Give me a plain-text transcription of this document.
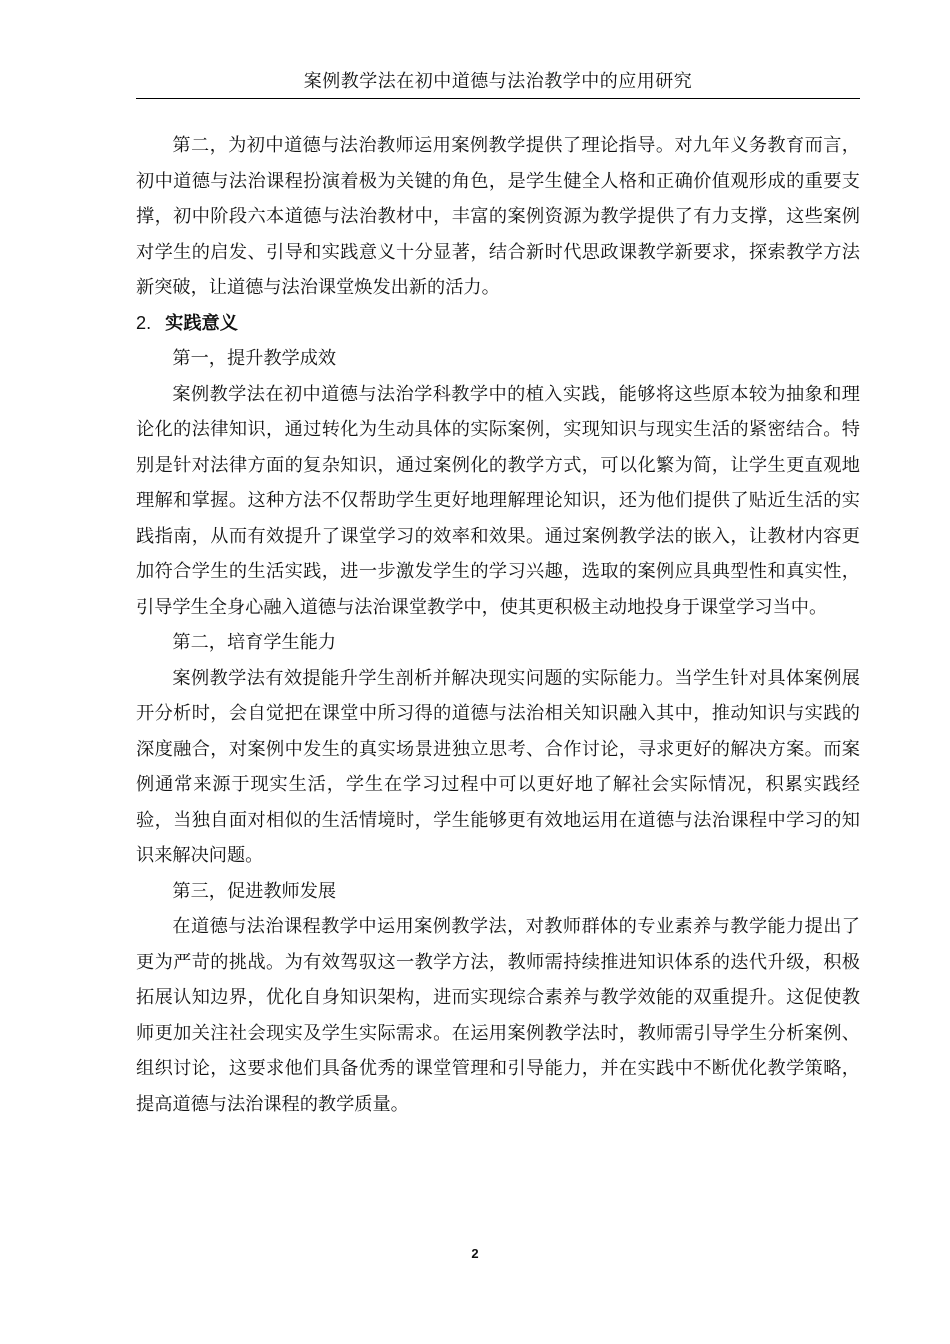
案例教学法在初中道德与法治教学中的应用研究

第二，为初中道德与法治教师运用案例教学提供了理论指导。对九年义务教育而言，初中道德与法治课程扮演着极为关键的角色，是学生健全人格和正确价值观形成的重要支撑，初中阶段六本道德与法治教材中，丰富的案例资源为教学提供了有力支撑，这些案例对学生的启发、引导和实践意义十分显著，结合新时代思政课教学新要求，探索教学方法新突破，让道德与法治课堂焕发出新的活力。

2. 实践意义

第一，提升教学成效

案例教学法在初中道德与法治学科教学中的植入实践，能够将这些原本较为抽象和理论化的法律知识，通过转化为生动具体的实际案例，实现知识与现实生活的紧密结合。特别是针对法律方面的复杂知识，通过案例化的教学方式，可以化繁为简，让学生更直观地理解和掌握。这种方法不仅帮助学生更好地理解理论知识，还为他们提供了贴近生活的实践指南，从而有效提升了课堂学习的效率和效果。通过案例教学法的嵌入，让教材内容更加符合学生的生活实践，进一步激发学生的学习兴趣，选取的案例应具典型性和真实性，引导学生全身心融入道德与法治课堂教学中，使其更积极主动地投身于课堂学习当中。

第二，培育学生能力

案例教学法有效提能升学生剖析并解决现实问题的实际能力。当学生针对具体案例展开分析时，会自觉把在课堂中所习得的道德与法治相关知识融入其中，推动知识与实践的深度融合，对案例中发生的真实场景进独立思考、合作讨论，寻求更好的解决方案。而案例通常来源于现实生活，学生在学习过程中可以更好地了解社会实际情况，积累实践经验，当独自面对相似的生活情境时，学生能够更有效地运用在道德与法治课程中学习的知识来解决问题。

第三，促进教师发展

在道德与法治课程教学中运用案例教学法，对教师群体的专业素养与教学能力提出了更为严苛的挑战。为有效驾驭这一教学方法，教师需持续推进知识体系的迭代升级，积极拓展认知边界，优化自身知识架构，进而实现综合素养与教学效能的双重提升。这促使教师更加关注社会现实及学生实际需求。在运用案例教学法时，教师需引导学生分析案例、组织讨论，这要求他们具备优秀的课堂管理和引导能力，并在实践中不断优化教学策略，提高道德与法治课程的教学质量。

2
